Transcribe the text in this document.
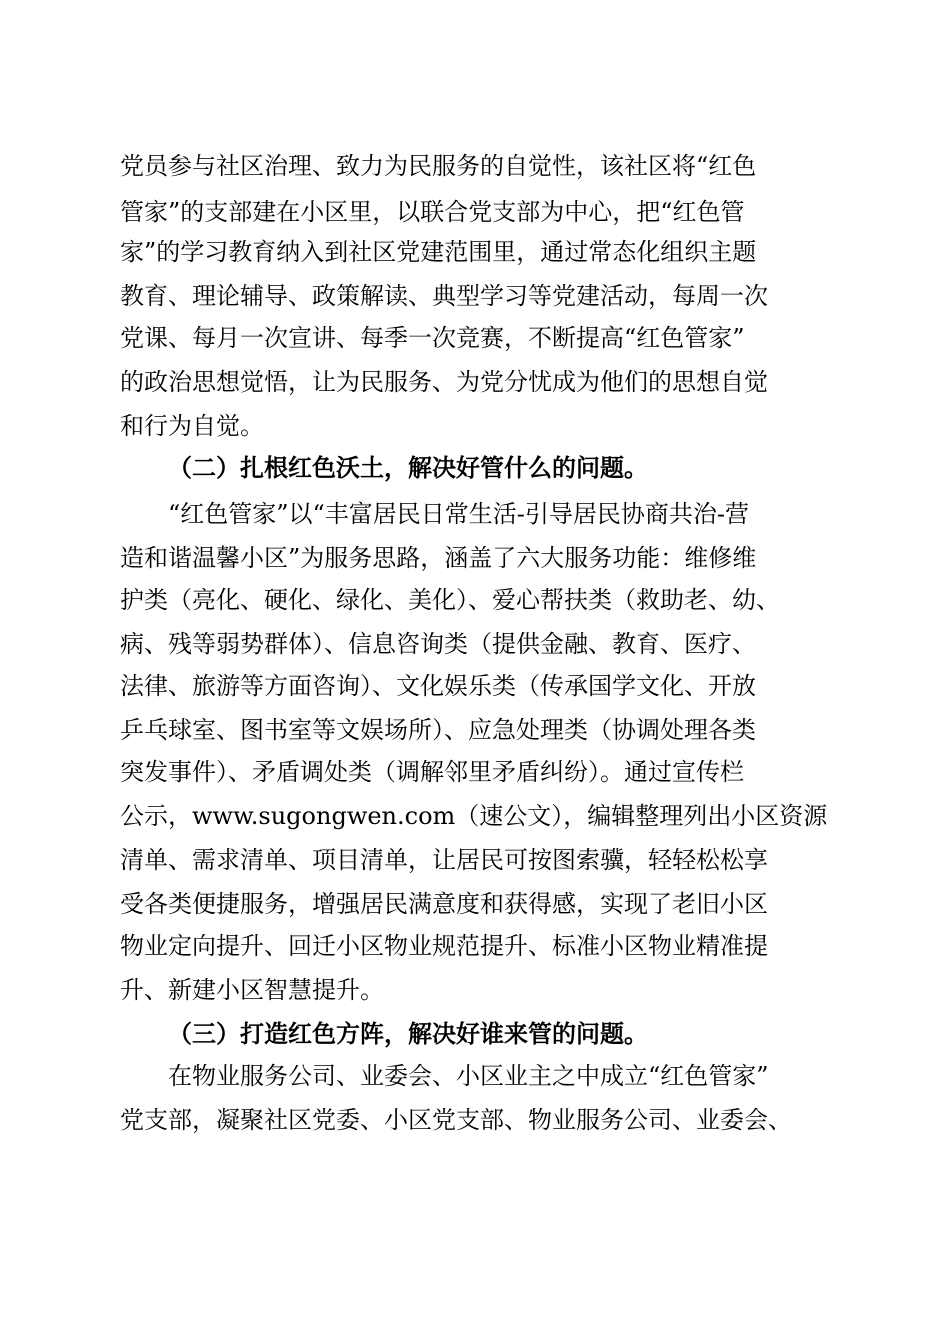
党员参与社区治理、致力为民服务的自觉性，该社区将“红色
管家”的支部建在小区里，以联合党支部为中心，把“红色管
家”的学习教育纳入到社区党建范围里，通过常态化组织主题
教育、理论辅导、政策解读、典型学习等党建活动，每周一次
党课、每月一次宣讲、每季一次竞赛，不断提高“红色管家”
的政治思想觉悟，让为民服务、为党分忧成为他们的思想自觉
和行为自觉。
（二）扎根红色沃土，解决好管什么的问题。
“红色管家”以“丰富居民日常生活-引导居民协商共治-营
造和谐温馨小区”为服务思路，涵盖了六大服务功能：维修维
护类（亮化、硬化、绿化、美化）、爱心帮扶类（救助老、幼、
病、残等弱势群体）、信息咨询类（提供金融、教育、医疗、
法律、旅游等方面咨询）、文化娱乐类（传承国学文化、开放
乒乓球室、图书室等文娱场所）、应急处理类（协调处理各类
突发事件）、矛盾调处类（调解邻里矛盾纠纷）。通过宣传栏
公示，www.sugongwen.com（速公文），编辑整理列出小区资源
清单、需求清单、项目清单，让居民可按图索骥，轻轻松松享
受各类便捷服务，增强居民满意度和获得感，实现了老旧小区
物业定向提升、回迁小区物业规范提升、标准小区物业精准提
升、新建小区智慧提升。
（三）打造红色方阵，解决好谁来管的问题。
在物业服务公司、业委会、小区业主之中成立“红色管家”
党支部，凝聚社区党委、小区党支部、物业服务公司、业委会、
